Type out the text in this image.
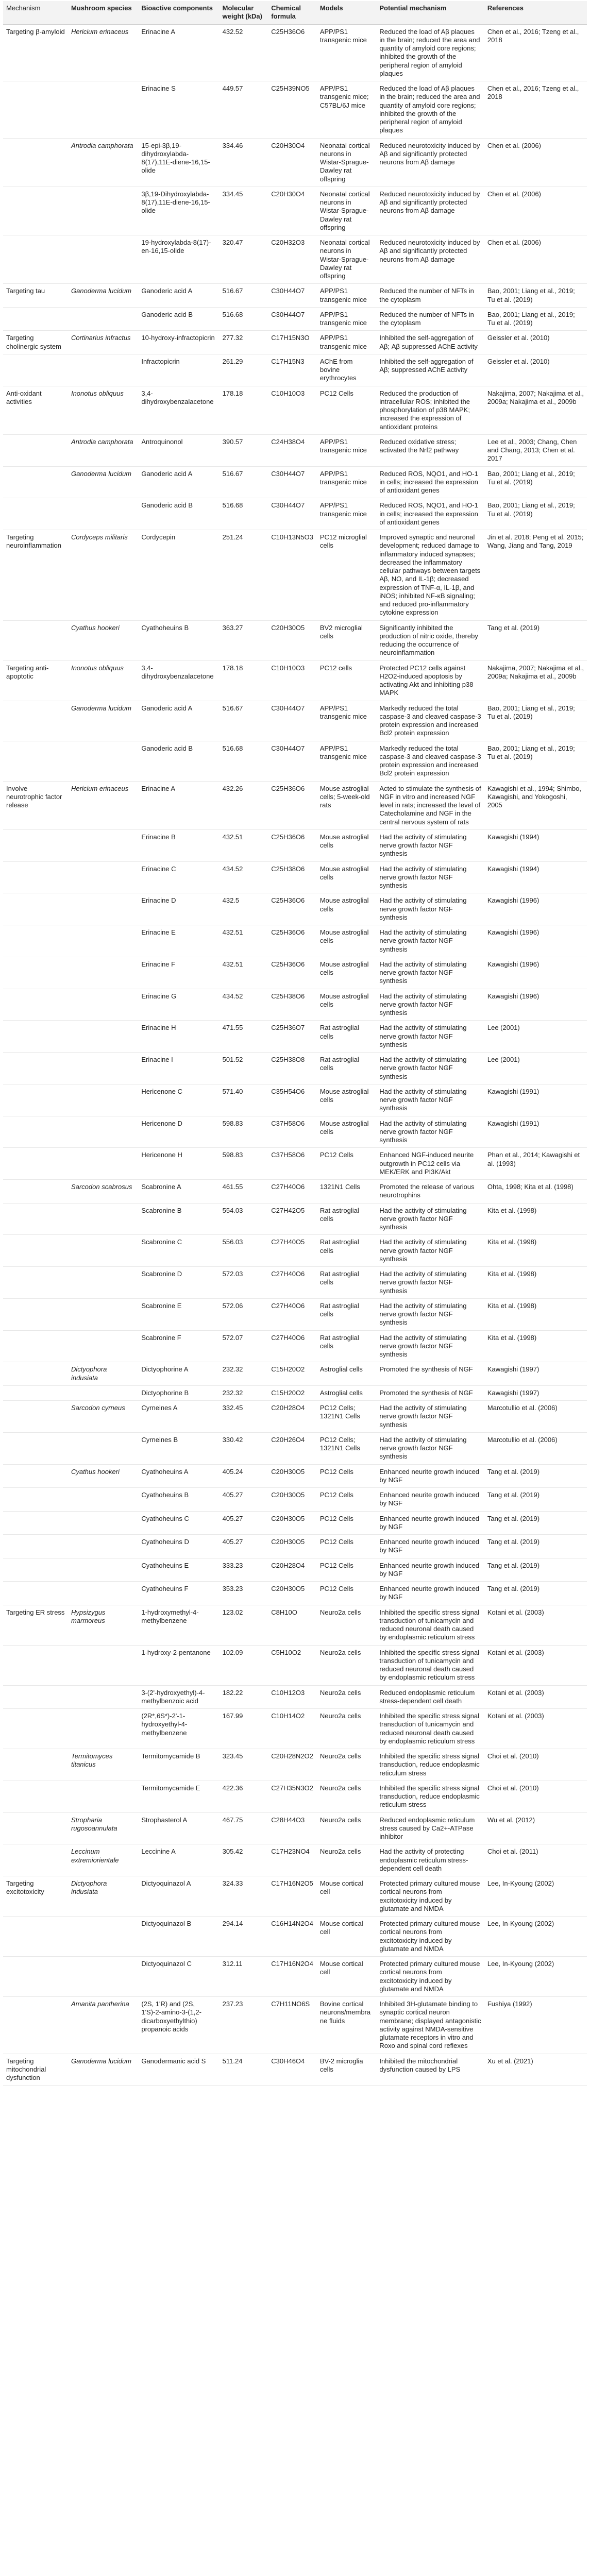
Mechanism	Mushroom species	Bioactive components	Molecular weight (kDa)	Chemical formula	Models	Potential mechanism	References
Targeting β-amyloid	Hericium erinaceus	Erinacine A	432.52	C25H36O6	APP/PS1 transgenic mice	Reduced the load of Aβ plaques in the brain; reduced the area and quantity of amyloid core regions; inhibited the growth of the peripheral region of amyloid plaques	Chen et al., 2016; Tzeng et al., 2018
		Erinacine S	449.57	C25H39NO5	APP/PS1 transgenic mice; C57BL/6J mice	Reduced the load of Aβ plaques in the brain; reduced the area and quantity of amyloid core regions; inhibited the growth of the peripheral region of amyloid plaques	Chen et al., 2016; Tzeng et al., 2018
	Antrodia camphorata	15-epi-3β,19-dihydroxylabda-8(17),11E-diene-16,15-olide	334.46	C20H30O4	Neonatal cortical neurons in Wistar-Sprague-Dawley rat offspring	Reduced neurotoxicity induced by Aβ and significantly protected neurons from Aβ damage	Chen et al. (2006)
		3β,19-Dihydroxylabda-8(17),11E-diene-16,15-olide	334.45	C20H30O4	Neonatal cortical neurons in Wistar-Sprague-Dawley rat offspring	Reduced neurotoxicity induced by Aβ and significantly protected neurons from Aβ damage	Chen et al. (2006)
		19-hydroxylabda-8(17)-en-16,15-olide	320.47	C20H32O3	Neonatal cortical neurons in Wistar-Sprague-Dawley rat offspring	Reduced neurotoxicity induced by Aβ and significantly protected neurons from Aβ damage	Chen et al. (2006)
Targeting tau	Ganoderma lucidum	Ganoderic acid A	516.67	C30H44O7	APP/PS1 transgenic mice	Reduced the number of NFTs in the cytoplasm	Bao, 2001; Liang et al., 2019; Tu et al. (2019)
		Ganoderic acid B	516.68	C30H44O7	APP/PS1 transgenic mice	Reduced the number of NFTs in the cytoplasm	Bao, 2001; Liang et al., 2019; Tu et al. (2019)
Targeting cholinergic system	Cortinarius infractus	10-hydroxy-infractopicrin	277.32	C17H15N3O	APP/PS1 transgenic mice	Inhibited the self-aggregation of Aβ; Aβ suppressed AChE activity	Geissler et al. (2010)
		Infractopicrin	261.29	C17H15N3	AChE from bovine erythrocytes	Inhibited the self-aggregation of Aβ; suppressed AChE activity	Geissler et al. (2010)
Anti-oxidant activities	Inonotus obliquus	3,4-dihydroxybenzalacetone	178.18	C10H10O3	PC12 Cells	Reduced the production of intracellular ROS; inhibited the phosphorylation of p38 MAPK; increased the expression of antioxidant proteins	Nakajima, 2007; Nakajima et al., 2009a; Nakajima et al., 2009b
	Antrodia camphorata	Antroquinonol	390.57	C24H38O4	APP/PS1 transgenic mice	Reduced oxidative stress; activated the Nrf2 pathway	Lee et al., 2003; Chang, Chen and Chang, 2013; Chen et al. 2017
	Ganoderma lucidum	Ganoderic acid A	516.67	C30H44O7	APP/PS1 transgenic mice	Reduced ROS, NQO1, and HO-1 in cells; increased the expression of antioxidant genes	Bao, 2001; Liang et al., 2019; Tu et al. (2019)
		Ganoderic acid B	516.68	C30H44O7	APP/PS1 transgenic mice	Reduced ROS, NQO1, and HO-1 in cells; increased the expression of antioxidant genes	Bao, 2001; Liang et al., 2019; Tu et al. (2019)
Targeting neuroinflammation	Cordyceps militaris	Cordycepin	251.24	C10H13N5O3	PC12 microglial cells	Improved synaptic and neuronal development; reduced damage to inflammatory induced synapses; decreased the inflammatory cellular pathways between targets Aβ, NO, and IL-1β; decreased expression of TNF-α, IL-1β, and iNOS; inhibited NF-κB signaling; and reduced pro-inflammatory cytokine expression	Jin et al. 2018; Peng et al. 2015; Wang, Jiang and Tang, 2019
	Cyathus hookeri	Cyathoheuins B	363.27	C20H30O5	BV2 microglial cells	Significantly inhibited the production of nitric oxide, thereby reducing the occurrence of neuroinflammation	Tang et al. (2019)
Targeting anti-apoptotic	Inonotus obliquus	3,4-dihydroxybenzalacetone	178.18	C10H10O3	PC12 cells	Protected PC12 cells against H2O2-induced apoptosis by activating Akt and inhibiting p38 MAPK	Nakajima, 2007; Nakajima et al., 2009a; Nakajima et al., 2009b
	Ganoderma lucidum	Ganoderic acid A	516.67	C30H44O7	APP/PS1 transgenic mice	Markedly reduced the total caspase-3 and cleaved caspase-3 protein expression and increased Bcl2 protein expression	Bao, 2001; Liang et al., 2019; Tu et al. (2019)
		Ganoderic acid B	516.68	C30H44O7	APP/PS1 transgenic mice	Markedly reduced the total caspase-3 and cleaved caspase-3 protein expression and increased Bcl2 protein expression	Bao, 2001; Liang et al., 2019; Tu et al. (2019)
Involve neurotrophic factor release	Hericium erinaceus	Erinacine A	432.26	C25H36O6	Mouse astroglial cells; 5-week-old rats	Acted to stimulate the synthesis of NGF in vitro and increased NGF level in rats; increased the level of Catecholamine and NGF in the central nervous system of rats	Kawagishi et al., 1994; Shimbo, Kawagishi, and Yokogoshi, 2005
		Erinacine B	432.51	C25H36O6	Mouse astroglial cells	Had the activity of stimulating nerve growth factor NGF synthesis	Kawagishi (1994)
		Erinacine C	434.52	C25H38O6	Mouse astroglial cells	Had the activity of stimulating nerve growth factor NGF synthesis	Kawagishi (1994)
		Erinacine D	432.5	C25H36O6	Mouse astroglial cells	Had the activity of stimulating nerve growth factor NGF synthesis	Kawagishi (1996)
		Erinacine E	432.51	C25H36O6	Mouse astroglial cells	Had the activity of stimulating nerve growth factor NGF synthesis	Kawagishi (1996)
		Erinacine F	432.51	C25H36O6	Mouse astroglial cells	Had the activity of stimulating nerve growth factor NGF synthesis	Kawagishi (1996)
		Erinacine G	434.52	C25H38O6	Mouse astroglial cells	Had the activity of stimulating nerve growth factor NGF synthesis	Kawagishi (1996)
		Erinacine H	471.55	C25H36O7	Rat astroglial cells	Had the activity of stimulating nerve growth factor NGF synthesis	Lee (2001)
		Erinacine I	501.52	C25H38O8	Rat astroglial cells	Had the activity of stimulating nerve growth factor NGF synthesis	Lee (2001)
		Hericenone C	571.40	C35H54O6	Mouse astroglial cells	Had the activity of stimulating nerve growth factor NGF synthesis	Kawagishi (1991)
		Hericenone D	598.83	C37H58O6	Mouse astroglial cells	Had the activity of stimulating nerve growth factor NGF synthesis	Kawagishi (1991)
		Hericenone H	598.83	C37H58O6	PC12 Cells	Enhanced NGF-induced neurite outgrowth in PC12 cells via MEK/ERK and PI3K/Akt	Phan et al., 2014; Kawagishi et al. (1993)
	Sarcodon scabrosus	Scabronine A	461.55	C27H40O6	1321N1 Cells	Promoted the release of various neurotrophins	Ohta, 1998; Kita et al. (1998)
		Scabronine B	554.03	C27H42O5	Rat astroglial cells	Had the activity of stimulating nerve growth factor NGF synthesis	Kita et al. (1998)
		Scabronine C	556.03	C27H40O5	Rat astroglial cells	Had the activity of stimulating nerve growth factor NGF synthesis	Kita et al. (1998)
		Scabronine D	572.03	C27H40O6	Rat astroglial cells	Had the activity of stimulating nerve growth factor NGF synthesis	Kita et al. (1998)
		Scabronine E	572.06	C27H40O6	Rat astroglial cells	Had the activity of stimulating nerve growth factor NGF synthesis	Kita et al. (1998)
		Scabronine F	572.07	C27H40O6	Rat astroglial cells	Had the activity of stimulating nerve growth factor NGF synthesis	Kita et al. (1998)
	Dictyophora indusiata	Dictyophorine A	232.32	C15H20O2	Astroglial cells	Promoted the synthesis of NGF	Kawagishi (1997)
		Dictyophorine B	232.32	C15H20O2	Astroglial cells	Promoted the synthesis of NGF	Kawagishi (1997)
	Sarcodon cyrneus	Cyrneines A	332.45	C20H28O4	PC12 Cells; 1321N1 Cells	Had the activity of stimulating nerve growth factor NGF synthesis	Marcotullio et al. (2006)
		Cyrneines B	330.42	C20H26O4	PC12 Cells; 1321N1 Cells	Had the activity of stimulating nerve growth factor NGF synthesis	Marcotullio et al. (2006)
	Cyathus hookeri	Cyathoheuins A	405.24	C20H30O5	PC12 Cells	Enhanced neurite growth induced by NGF	Tang et al. (2019)
		Cyathoheuins B	405.27	C20H30O5	PC12 Cells	Enhanced neurite growth induced by NGF	Tang et al. (2019)
		Cyathoheuins C	405.27	C20H30O5	PC12 Cells	Enhanced neurite growth induced by NGF	Tang et al. (2019)
		Cyathoheuins D	405.27	C20H30O5	PC12 Cells	Enhanced neurite growth induced by NGF	Tang et al. (2019)
		Cyathoheuins E	333.23	C20H28O4	PC12 Cells	Enhanced neurite growth induced by NGF	Tang et al. (2019)
		Cyathoheuins F	353.23	C20H30O5	PC12 Cells	Enhanced neurite growth induced by NGF	Tang et al. (2019)
Targeting ER stress	Hypsizygus marmoreus	1-hydroxymethyl-4-methylbenzene	123.02	C8H10O	Neuro2a cells	Inhibited the specific stress signal transduction of tunicamycin and reduced neuronal death caused by endoplasmic reticulum stress	Kotani et al. (2003)
		1-hydroxy-2-pentanone	102.09	C5H10O2	Neuro2a cells	Inhibited the specific stress signal transduction of tunicamycin and reduced neuronal death caused by endoplasmic reticulum stress	Kotani et al. (2003)
		3-(2'-hydroxyethyl)-4-methylbenzoic acid	182.22	C10H12O3	Neuro2a cells	Reduced endoplasmic reticulum stress-dependent cell death	Kotani et al. (2003)
		(2R*,6S*)-2'-1-hydroxyethyl-4-methylbenzene	167.99	C10H14O2	Neuro2a cells	Inhibited the specific stress signal transduction of tunicamycin and reduced neuronal death caused by endoplasmic reticulum stress	Kotani et al. (2003)
	Termitomyces titanicus	Termitomycamide B	323.45	C20H28N2O2	Neuro2a cells	Inhibited the specific stress signal transduction, reduce endoplasmic reticulum stress	Choi et al. (2010)
		Termitomycamide E	422.36	C27H35N3O2	Neuro2a cells	Inhibited the specific stress signal transduction, reduce endoplasmic reticulum stress	Choi et al. (2010)
	Stropharia rugosoannulata	Strophasterol A	467.75	C28H44O3	Neuro2a cells	Reduced endoplasmic reticulum stress caused by Ca2+-ATPase inhibitor	Wu et al. (2012)
	Leccinum extremiorientale	Leccinine A	305.42	C17H23NO4	Neuro2a cells	Had the activity of protecting endoplasmic reticulum stress-dependent cell death	Choi et al. (2011)
Targeting excitotoxicity	Dictyophora indusiata	Dictyoquinazol A	324.33	C17H16N2O5	Mouse cortical cell	Protected primary cultured mouse cortical neurons from excitotoxicity induced by glutamate and NMDA	Lee, In-Kyoung (2002)
		Dictyoquinazol B	294.14	C16H14N2O4	Mouse cortical cell	Protected primary cultured mouse cortical neurons from excitotoxicity induced by glutamate and NMDA	Lee, In-Kyoung (2002)
		Dictyoquinazol C	312.11	C17H16N2O4	Mouse cortical cell	Protected primary cultured mouse cortical neurons from excitotoxicity induced by glutamate and NMDA	Lee, In-Kyoung (2002)
	Amanita pantherina	(2S, 1'R) and (2S, 1'S)-2-amino-3-(1,2-dicarboxyethylthio) propanoic acids	237.23	C7H11NO6S	Bovine cortical neurons/membrane fluids	Inhibited 3H-glutamate binding to synaptic cortical neuron membrane; displayed antagonistic activity against NMDA-sensitive glutamate receptors in vitro and Roxo and spinal cord reflexes	Fushiya (1992)
Targeting mitochondrial dysfunction	Ganoderma lucidum	Ganodermanic acid S	511.24	C30H46O4	BV-2 microglia cells	Inhibited the mitochondrial dysfunction caused by LPS	Xu et al. (2021)
